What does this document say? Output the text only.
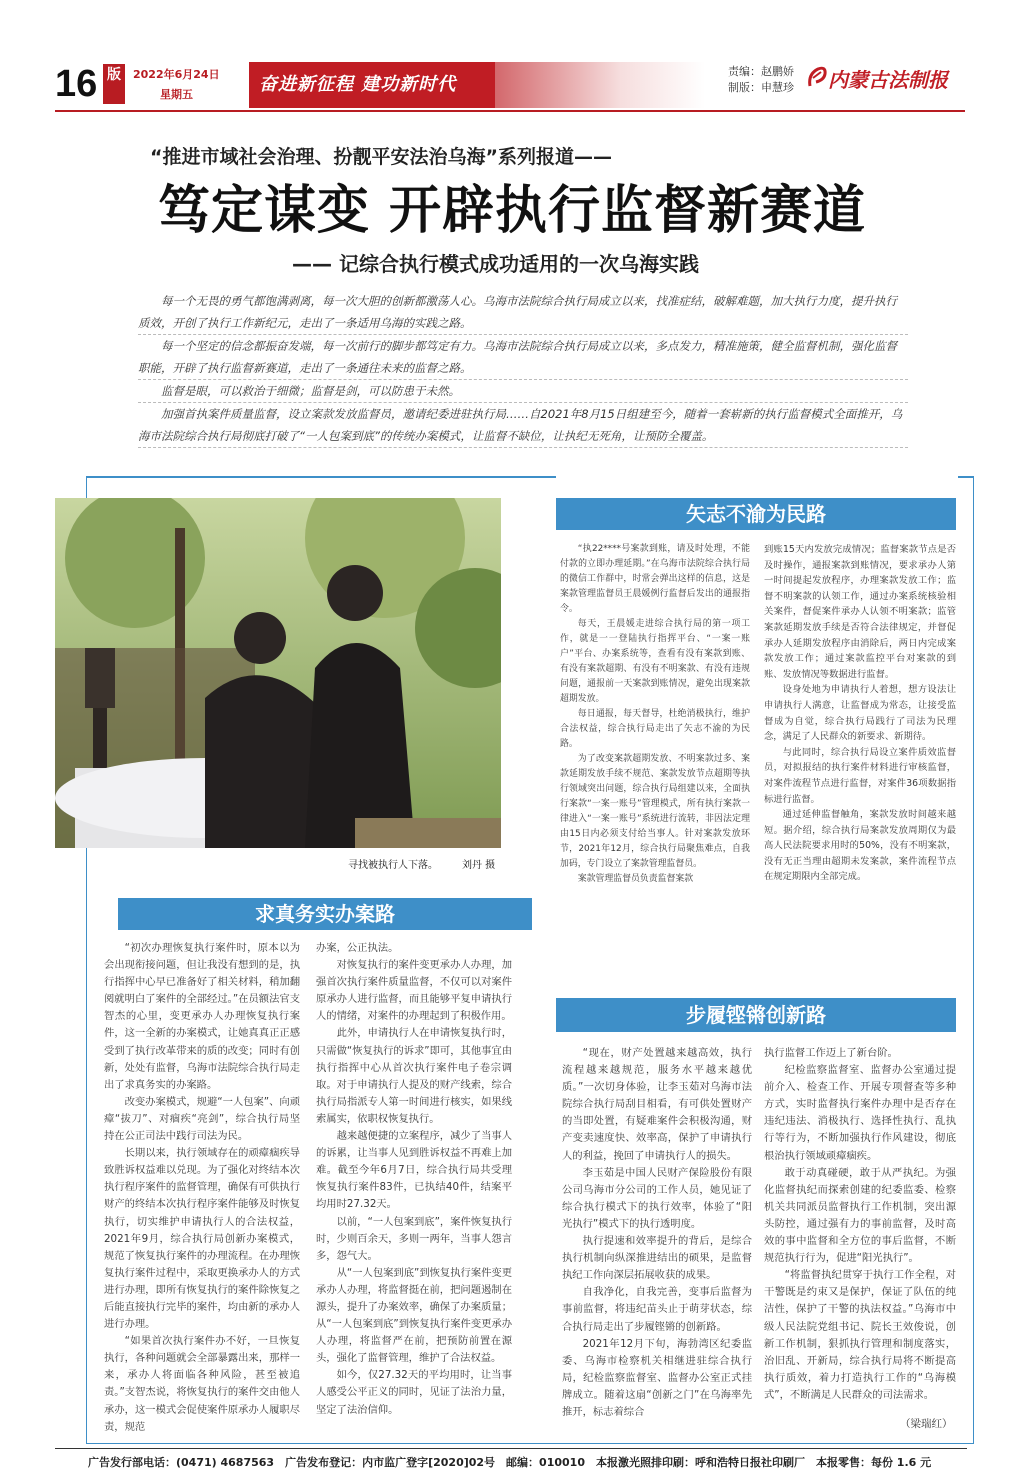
16 版	2022年6月24日
星期五	奋进新征程 建功新时代
责编：赵鹏娇
制版：申慧珍 内蒙古法制报
“推进市域社会治理、扮靓平安法治乌海”系列报道——
笃定谋变 开辟执行监督新赛道
—— 记综合执行模式成功适用的一次乌海实践

每一个无畏的勇气都饱满剥离，每一次大胆的创新都激荡人心。乌海市法院综合执行局成立以来，找准症结，破解难题，加大执行力度，提升执行质效，开创了执行工作新纪元，走出了一条适用乌海的实践之路。

每一个坚定的信念都振奋发端，每一次前行的脚步都笃定有力。乌海市法院综合执行局成立以来，多点发力，精准施策，健全监督机制，强化监督职能，开辟了执行监督新赛道，走出了一条通往未来的监督之路。

监督是眼，可以救治于细微；监督是剑，可以防患于未然。

加强首执案件质量监督，设立案款发放监督员，邀请纪委进驻执行局……自2021年8月15日组建至今，随着一套崭新的执行监督模式全面推开，乌海市法院综合执行局彻底打破了“一人包案到底”的传统办案模式，让监督不缺位，让执纪无死角，让预防全覆盖。

寻找被执行人下落。 刘丹 摄
矢志不渝为民路
求真务实办案路
步履铿锵创新路

“执22****号案款到账，请及时处理，不能付款的立即办理延期。”在乌海市法院综合执行局的微信工作群中，时常会弹出这样的信息，这是案款管理监督员王晨媛例行监督后发出的通报指令。

每天，王晨媛走进综合执行局的第一项工作，就是一一登陆执行指挥平台、“一案一账户”平台、办案系统等，查看有没有案款到账、有没有案款超期、有没有不明案款、有没有违规问题，通报前一天案款到账情况，避免出现案款超期发放。

每日通报，每天督导，杜绝消极执行，维护合法权益，综合执行局走出了矢志不渝的为民路。

为了改变案款超期发放、不明案款过多、案款延期发放手续不规范、案款发放节点超期等执行领域突出问题，综合执行局组建以来，全面执行案款“一案一账号”管理模式，所有执行案款一律进入“一案一账号”系统进行流转，非因法定理由15日内必须支付给当事人。针对案款发放环节，2021年12月，综合执行局聚焦难点，自我加码，专门设立了案款管理监督员。

案款管理监督员负责监督案款

到账15天内发放完成情况；监督案款节点是否及时操作，通报案款到账情况，要求承办人第一时间提起发放程序，办理案款发放工作；监督不明案款的认领工作，通过办案系统核验相关案件，督促案件承办人认领不明案款；监管案款延期发放手续是否符合法律规定，并督促承办人延期发放程序由消除后，两日内完成案款发放工作；通过案款监控平台对案款的到账、发放情况等数据进行监督。

设身处地为申请执行人着想，想方设法让申请执行人满意，让监督成为常态，让接受监督成为自觉，综合执行局践行了司法为民理念，满足了人民群众的新要求、新期待。

与此同时，综合执行局设立案件质效监督员，对拟报结的执行案件材料进行审核监督，对案件流程节点进行监督，对案件36项数据指标进行监督。

通过延伸监督触角，案款发放时间越来越短。据介绍，综合执行局案款发放周期仅为最高人民法院要求用时的50%，没有不明案款，没有无正当理由超期未发案款，案件流程节点在规定期限内全部完成。

“初次办理恢复执行案件时，原本以为会出现衔接问题，但让我没有想到的是，执行指挥中心早已准备好了相关材料，稍加翻阅就明白了案件的全部经过。”在员额法官支智杰的心里，变更承办人办理恢复执行案件，这一全新的办案模式，让她真真正正感受到了执行改革带来的质的改变；同时有创新，处处有监督，乌海市法院综合执行局走出了求真务实的办案路。

改变办案模式，规避“一人包案”、向顽瘴“拔刀”、对痼疾“亮剑”，综合执行局坚持在公正司法中践行司法为民。

长期以来，执行领域存在的顽瘴痼疾导致胜诉权益难以兑现。为了强化对终结本次执行程序案件的监督管理，确保有可供执行财产的终结本次执行程序案件能够及时恢复执行，切实维护申请执行人的合法权益，2021年9月，综合执行局创新办案模式，规范了恢复执行案件的办理流程。在办理恢复执行案件过程中，采取更换承办人的方式进行办理，即所有恢复执行的案件除恢复之后能直接执行完毕的案件，均由新的承办人进行办理。

“如果首次执行案件办不好，一旦恢复执行，各种问题就会全部暴露出来，那样一来，承办人将面临各种风险，甚至被追责。”支智杰说，将恢复执行的案件交由他人承办，这一模式会促使案件原承办人履职尽责，规范

办案，公正执法。

对恢复执行的案件变更承办人办理，加强首次执行案件质量监督，不仅可以对案件原承办人进行监督，而且能够平复申请执行人的情绪，对案件的办理起到了积极作用。

此外，申请执行人在申请恢复执行时，只需做“恢复执行的诉求”即可，其他事宜由执行指挥中心从首次执行案件电子卷宗调取。对于申请执行人提及的财产线索，综合执行局指派专人第一时间进行核实，如果线索属实，依职权恢复执行。

越来越便捷的立案程序，减少了当事人的诉累，让当事人见到胜诉权益不再难上加难。截至今年6月7日，综合执行局共受理恢复执行案件83件，已执结40件，结案平均用时27.32天。

以前，“一人包案到底”，案件恢复执行时，少则百余天，多则一两年，当事人怨言多，怨气大。

从“一人包案到底”到恢复执行案件变更承办人办理，将监督挺在前，把问题遏制在源头，提升了办案效率，确保了办案质量；从“一人包案到底”到恢复执行案件变更承办人办理，将监督严在前，把预防前置在源头，强化了监督管理，维护了合法权益。

如今，仅27.32天的平均用时，让当事人感受公平正义的同时，见证了法治力量，坚定了法治信仰。

“现在，财产处置越来越高效，执行流程越来越规范，服务水平越来越优质。”一次切身体验，让李玉茹对乌海市法院综合执行局刮目相看，有可供处置财产的当即处置，有疑难案件会积极沟通，财产变卖速度快、效率高，保护了申请执行人的利益，挽回了申请执行人的损失。

李玉茹是中国人民财产保险股份有限公司乌海市分公司的工作人员，她见证了综合执行模式下的执行效率，体验了“阳光执行”模式下的执行透明度。

执行提速和效率提升的背后，是综合执行机制向纵深推进结出的硕果，是监督执纪工作向深层拓展收获的成果。

自我净化，自我完善，变事后监督为事前监督，将违纪苗头止于萌芽状态，综合执行局走出了步履铿锵的创新路。

2021年12月下旬，海勃湾区纪委监委、乌海市检察机关相继进驻综合执行局，纪检监察监督室、监督办公室正式挂牌成立。随着这扇“创新之门”在乌海率先推开，标志着综合

执行监督工作迈上了新台阶。

纪检监察监督室、监督办公室通过提前介入、检查工作、开展专项督查等多种方式，实时监督执行案件办理中是否存在违纪违法、消极执行、选择性执行、乱执行等行为，不断加强执行作风建设，彻底根治执行领域顽瘴痼疾。

敢于动真碰硬，敢于从严执纪。为强化监督执纪而探索创建的纪委监委、检察机关共同派员监督执行工作机制，突出源头防控，通过强有力的事前监督，及时高效的事中监督和全方位的事后监督，不断规范执行行为，促进“阳光执行”。

“将监督执纪贯穿于执行工作全程，对干警既是约束又是保护，保证了队伍的纯洁性，保护了干警的执法权益。”乌海市中级人民法院党组书记、院长王效俊说，创新工作机制，狠抓执行管理和制度落实，治旧乱、开新局，综合执行局将不断提高执行质效，着力打造执行工作的“乌海模式”，不断满足人民群众的司法需求。

（梁瑞红）
广告发行部电话：(0471) 4687563　广告发布登记：内市监广登字[2020]02号　邮编：010010　本报激光照排印刷：呼和浩特日报社印刷厂　本报零售：每份 1.6 元
